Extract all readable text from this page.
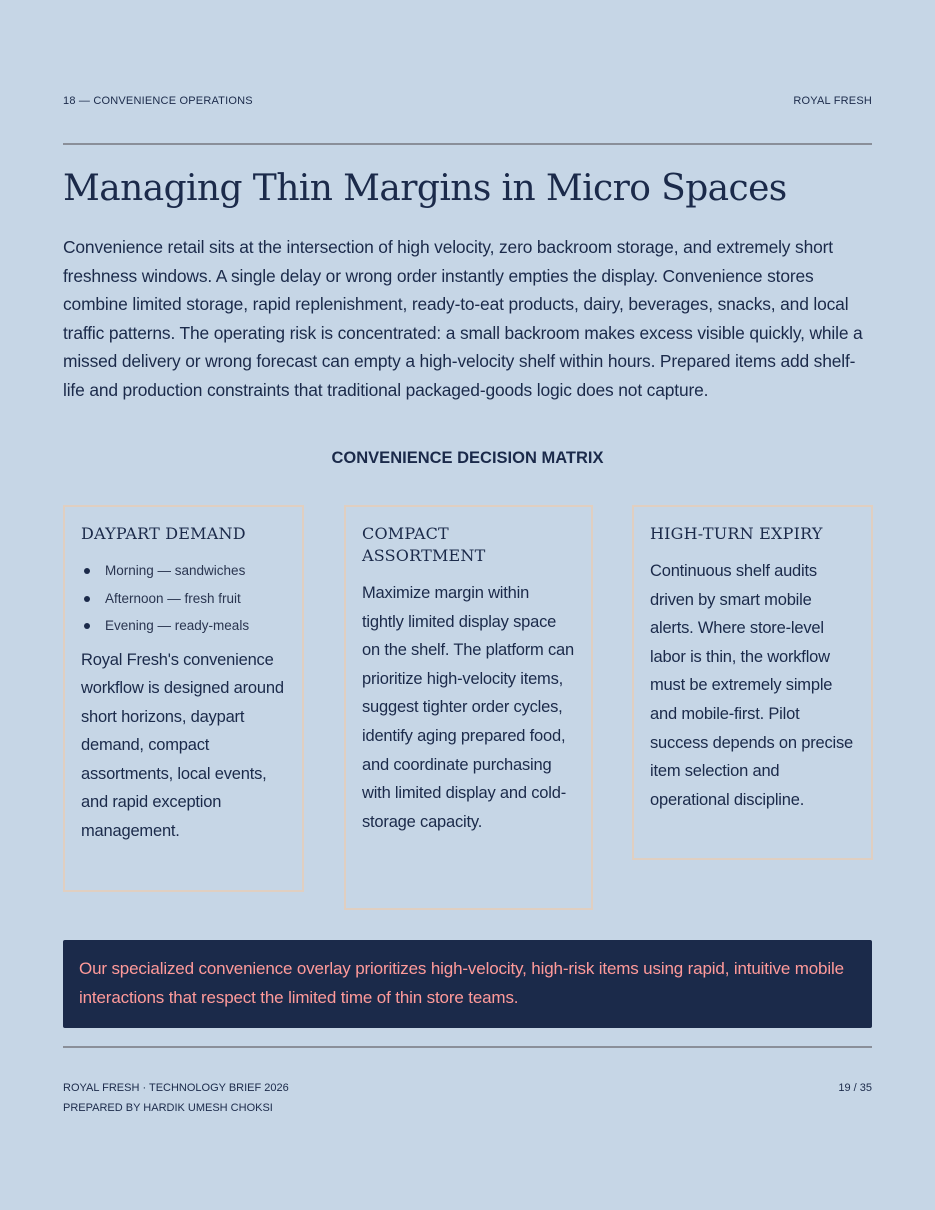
18 — CONVENIENCE OPERATIONS	ROYAL FRESH
Managing Thin Margins in Micro Spaces

Convenience retail sits at the intersection of high velocity, zero backroom storage, and extremely short freshness windows. A single delay or wrong order instantly empties the display. Convenience stores combine limited storage, rapid replenishment, ready-to-eat products, dairy, beverages, snacks, and local traffic patterns. The operating risk is concentrated: a small backroom makes excess visible quickly, while a missed delivery or wrong forecast can empty a high-velocity shelf within hours. Prepared items add shelf-life and production constraints that traditional packaged-goods logic does not capture.

CONVENIENCE DECISION MATRIX
DAYPART DEMAND
Morning — sandwiches
Afternoon — fresh fruit
Evening — ready-meals

Royal Fresh's convenience workflow is designed around short horizons, daypart demand, compact assortments, local events, and rapid exception management.

COMPACT ASSORTMENT

Maximize margin within tightly limited display space on the shelf. The platform can prioritize high-velocity items, suggest tighter order cycles, identify aging prepared food, and coordinate purchasing with limited display and cold-storage capacity.

HIGH-TURN EXPIRY

Continuous shelf audits driven by smart mobile alerts. Where store-level labor is thin, the workflow must be extremely simple and mobile-first. Pilot success depends on precise item selection and operational discipline.

Our specialized convenience overlay prioritizes high-velocity, high-risk items using rapid, intuitive mobile interactions that respect the limited time of thin store teams.

ROYAL FRESH · TECHNOLOGY BRIEF 2026
PREPARED BY HARDIK UMESH CHOKSI
19 / 35
